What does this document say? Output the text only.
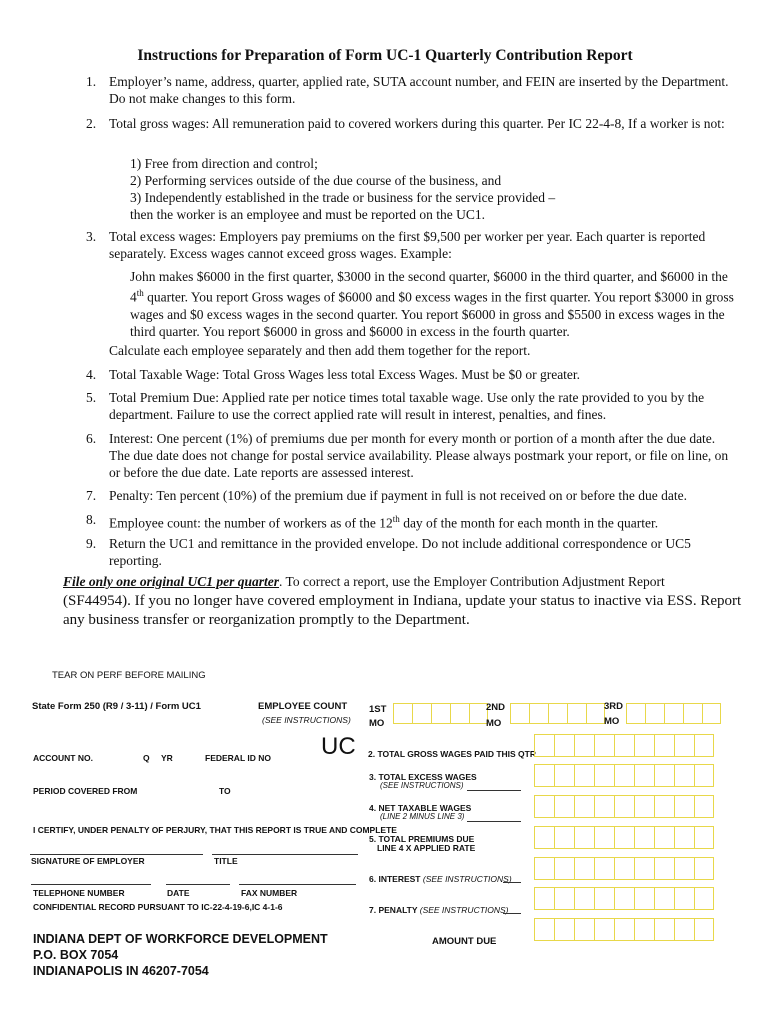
Instructions for Preparation of Form UC-1 Quarterly Contribution Report
1. Employer’s name, address, quarter, applied rate, SUTA account number, and FEIN are inserted by the Department. Do not make changes to this form.
2. Total gross wages: All remuneration paid to covered workers during this quarter. Per IC 22-4-8, If a worker is not:

1) Free from direction and control;

2) Performing services outside of the due course of the business, and

3) Independently established in the trade or business for the service provided –

then the worker is an employee and must be reported on the UC1.

3. Total excess wages: Employers pay premiums on the first $9,500 per worker per year. Each quarter is reported separately. Excess wages cannot exceed gross wages. Example:
John makes $6000 in the first quarter, $3000 in the second quarter, $6000 in the third quarter, and $6000 in the 4th quarter. You report Gross wages of $6000 and $0 excess wages in the first quarter. You report $3000 in gross wages and $0 excess wages in the second quarter. You report $6000 in gross and $5500 in excess wages in the third quarter. You report $6000 in gross and $6000 in excess in the fourth quarter.
Calculate each employee separately and then add them together for the report.
4. Total Taxable Wage: Total Gross Wages less total Excess Wages. Must be $0 or greater.
5. Total Premium Due: Applied rate per notice times total taxable wage. Use only the rate provided to you by the department. Failure to use the correct applied rate will result in interest, penalties, and fines.
6. Interest: One percent (1%) of premiums due per month for every month or portion of a month after the due date. The due date does not change for postal service availability. Please always postmark your report, or file on line, on or before the due date. Late reports are assessed interest.
7. Penalty: Ten percent (10%) of the premium due if payment in full is not received on or before the due date.
8. Employee count: the number of workers as of the 12th day of the month for each month in the quarter.
9. Return the UC1 and remittance in the provided envelope. Do not include additional correspondence or UC5 reporting.
File only one original UC1 per quarter. To correct a report, use the Employer Contribution Adjustment Report
(SF44954). If you no longer have covered employment in Indiana, update your status to inactive via ESS. Report any business transfer or reorganization promptly to the Department.
TEAR ON PERF BEFORE MAILING
State Form 250 (R9 / 3-11) / Form UC1	EMPLOYEE COUNT
(SEE INSTRUCTIONS)
1ST
MO
2ND
MO
3RD
MO
UC
ACCOUNT NO.	Q YR	FEDERAL ID NO
PERIOD COVERED FROM	TO
I CERTIFY, UNDER PENALTY OF PERJURY, THAT THIS REPORT IS TRUE AND COMPLETE
SIGNATURE OF EMPLOYER	TITLE
TELEPHONE NUMBER	DATE	FAX NUMBER
CONFIDENTIAL RECORD PURSUANT TO IC-22-4-19-6,IC 4-1-6
2. TOTAL GROSS WAGES PAID THIS QTR
3. TOTAL EXCESS WAGES
(SEE INSTRUCTIONS)
4. NET TAXABLE WAGES
(LINE 2 MINUS LINE 3)
5. TOTAL PREMIUMS DUE
LINE 4 X APPLIED RATE
6. INTEREST (SEE INSTRUCTIONS)
7. PENALTY (SEE INSTRUCTIONS)
AMOUNT DUE
INDIANA DEPT OF WORKFORCE DEVELOPMENT
P.O. BOX 7054
INDIANAPOLIS IN 46207-7054
